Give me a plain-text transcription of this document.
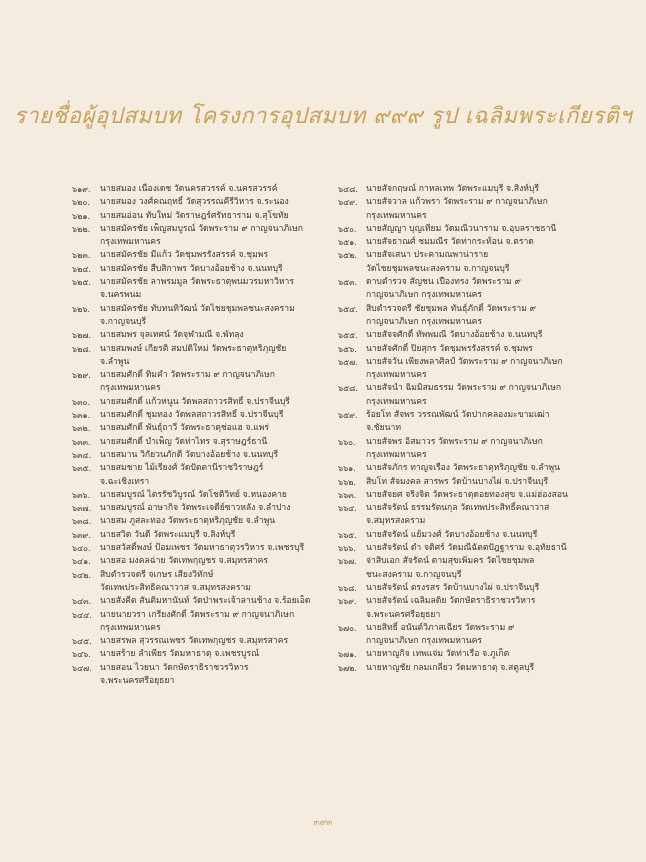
รายชื่อผู้อุปสมบท โครงการอุปสมบท ๙๙๙ รูป เฉลิมพระเกียรติฯ
๖๑๙.	นายสมอง เนื่องเดช วัดนครสวรรค์ จ.นครสวรรค์
๖๒๐.	นายสมอง วงศ์คณฤทธิ์ วัดสุวรรณคีรีวิหาร จ.ระนอง
๖๒๑.	นายสมอ่อน ทับใหม่ วัดราษฎร์ศรัทธาราม จ.สุโขทัย
๖๒๒.	นายสมัครชัย เพ็ญสมบูรณ์ วัดพระราม ๙ กาญจนาภิเษก
กรุงเทพมหานคร
๖๒๓.	นายสมัครชัย มีแก้ว วัดชุมพรรังสรรค์ จ.ชุมพร
๖๒๔.	นายสมัครชัย สืบสิกาพร วัดบางอ้อยช้าง จ.นนทบุรี
๖๒๕.	นายสมัครชัย ลาพรมมูล วัดพระธาตุพนมวรมหาวิหาร
จ.นครพนม
๖๒๖.	นายสมัครชัย ทับทนทิวัฒน์ วัดไชยชุมพลชนะสงคราม
จ.กาญจนบุรี
๖๒๗.	นายสมพร จุลเทศน์ วัดจุฬามณี จ.พัทลุง
๖๒๘.	นายสมพงษ์ เกียรติ สมปติใหม่ วัดพระธาตุหริภุญชัย
จ.ลำพูน
๖๒๙.	นายสมศักดิ์ ทิมคำ วัดพระราม ๙ กาญจนาภิเษก
กรุงเทพมหานคร
๖๓๐.	นายสมศักดิ์ แก้วหนูน วัดพลสถาวรสิทธิ์ จ.ปราจีนบุรี
๖๓๑.	นายสมศักดิ์ ชุมทอง วัดพลสถาวรสิทธิ์ จ.ปราจีนบุรี
๖๓๒.	นายสมศักดิ์ พันธุ์ถาวี วัดพระธาตุช่อแฮ จ.แพร่
๖๓๓.	นายสมศักดิ์ บำเพ็ญ วัดท่าไทร จ.สุราษฎร์ธานี
๖๓๔.	นายสมาน วิกัยวนภักดี วัดบางอ้อยช้าง จ.นนทบุรี
๖๓๕.	นายสมชาย ไม้เรียงศ์ วัดปัตตานีราชวิราษฎร์
จ.ฉะเชิงเทรา
๖๓๖.	นายสมบูรณ์ ไตรรัชวิบูรณ์ วัดโชติวิทย์ จ.หนองคาย
๖๓๗.	นายสมบูรณ์ อาษากิจ วัดพระเจดีย์ซาวหลัง จ.ลำปาง
๖๓๘.	นายสม ภูสละทอง วัดพระธาตุหริภุญชัย จ.ลำพูน
๖๓๙.	นายสวิต วันดี วัดพระแมบุรี จ.ลิงห์บุรี
๖๔๐.	นายสวัสดิ์พงษ์ ป้อมเพชร วัดมหาธาตุวรวิหาร จ.เพชรบุรี
๖๔๑.	นายสอ มงคลฉ่าย วัดเทพกุญชร จ.สมุทรสาคร
๖๔๒.	สิบตำรวจตรี จเกษร เสียงวิทักษ์
วัดเทพประสิทธิคณาวาส จ.สมุทรสงคราม
๖๔๓.	นายสังคีต สันติมหานันท์ วัดป่าพระเจ้าลานช้าง จ.ร้อยเอ็ด
๖๔๔. นายนายวรา เกรียงศักดิ์ วัดพระราม ๙ กาญจนาภิเษก
กรุงเทพมหานคร
๖๔๕. นายสรพล สุวรรณเพชร วัดเทพกุญชร จ.สมุทรสาคร
๖๔๖.	นายสร้าย ลำเพียร วัดมหาธาตุ จ.เพชรบูรณ์
๖๔๗. นายสอน ไวยนา วัดกษัตราธิราชวรวิหาร
จ.พระนครศรีอยุธยา
๖๔๘. นายสัจกฤษณ์ กาหลเทพ วัดพระแมบุรี จ.สิงห์บุรี
๖๔๙. นายสัจวาล แก้วพรา วัดพระราม ๙ กาญจนาภิเษก
กรุงเทพมหานคร
๖๕๐.	นายสัญญา บุญเทียม วัดมณีวนาราม จ.อุบลราชธานี
๖๕๑.	นายสัจธาณศ์ ชมมณีร วัดท่ากระท้อน จ.ตราด
๖๕๒.	นายสัจเสนา ประคามณพาน่าราย
วัดไชยชุมพลชนะสงคราม จ.กาญจนบุรี
๖๕๓.	ดาบตำรวจ สัญชน เปืองทรง วัดพระราม ๙
กาญจนาภิเษก กรุงเทพมหานคร
๖๕๔. สิบตำรวจตรี ชัยชุมพล ทันธุ์ภักดิ์ วัดพระราม ๙
กาญจนาภิเษก กรุงเทพมหานคร
๖๕๕. นายสัจจศักดิ์ ทัพพมณี วัดบางอ้อยช้าง จ.นนทบุรี
๖๕๖.	นายสัจศักดิ์ ปิยสุกร วัดชุมพรรังสรรค์ จ.ชุมพร
๖๕๗. นายสัจวัน เพียงพลาศิลป์ วัดพระราม ๙ กาญจนาภิเษก
กรุงเทพมหานคร
๖๕๘. นายสัจนำ ฉิมมิสมธรรม วัดพระราม ๙ กาญจนาภิเษก
กรุงเทพมหานคร
๖๕๙. ร้อยโท สัจพร วรรณพัฒน์ วัดปากคลองมะขามเฒ่า
จ.ชัยนาท
๖๖๐.	นายสัจพร อิสมาวร วัดพระราม ๙ กาญจนาภิเษก
กรุงเทพมหานคร
๖๖๑.	นายสัจภักร ทาญจเรือง วัดพระธาตุหริภุญชัย จ.ลำพูน
๖๖๒.	สิบโท สัจมงคล สารพร วัดบ้านบางไผ่ จ.ปราจีนบุรี
๖๖๓.	นายสัจยศ จริงจิต วัดพระธาตุดอยทองสุข จ.แม่ฮ่องสอน
๖๖๔.	นายสัจรัตน์ ธรรมรัตนกุล วัดเทพประสิทธิ์คณาวาส
จ.สมุทรสงคราม
๖๖๕.	นายสัจรัตน์ แย้มวงศ์ วัดบางอ้อยช้าง จ.นนทบุรี
๖๖๖.	นายสัจรัตน์ ดำ จติศร์ วัดมณีฉัตตปัฎฐาราม จ.อุทัยธานี
๖๖๗.	จ่าสิบเอก สัจรัตน์ ตามสุขเพิ่มคร วัดไชยชุมพล
ชนะสงคราม จ.กาญจนบุรี
๖๖๘.	นายสัจรัตน์ ตรงรสร วัดบ้านบางไผ่ จ.ปราจีนบุรี
๖๖๙.	นายสัจรัตน์ เฉลิมลดิย วัดกษัตราธิราชวรวิหาร
จ.พระนครศรีอยุธยา
๖๗๐.	นายสิทธิ์ อนันต์วิภาสเฉียร วัดพระราม ๙
กาญจนาภิเษก กรุงเทพมหานคร
๖๗๑.	นายหาญกิจ เทพแจ่ม วัดท่าเรือ จ.ภูเก็ต
๖๗๒.	นายหาญชัย กลมเกลียว วัดมหาธาตุ จ.สตูลบุรี
๓๙๓
